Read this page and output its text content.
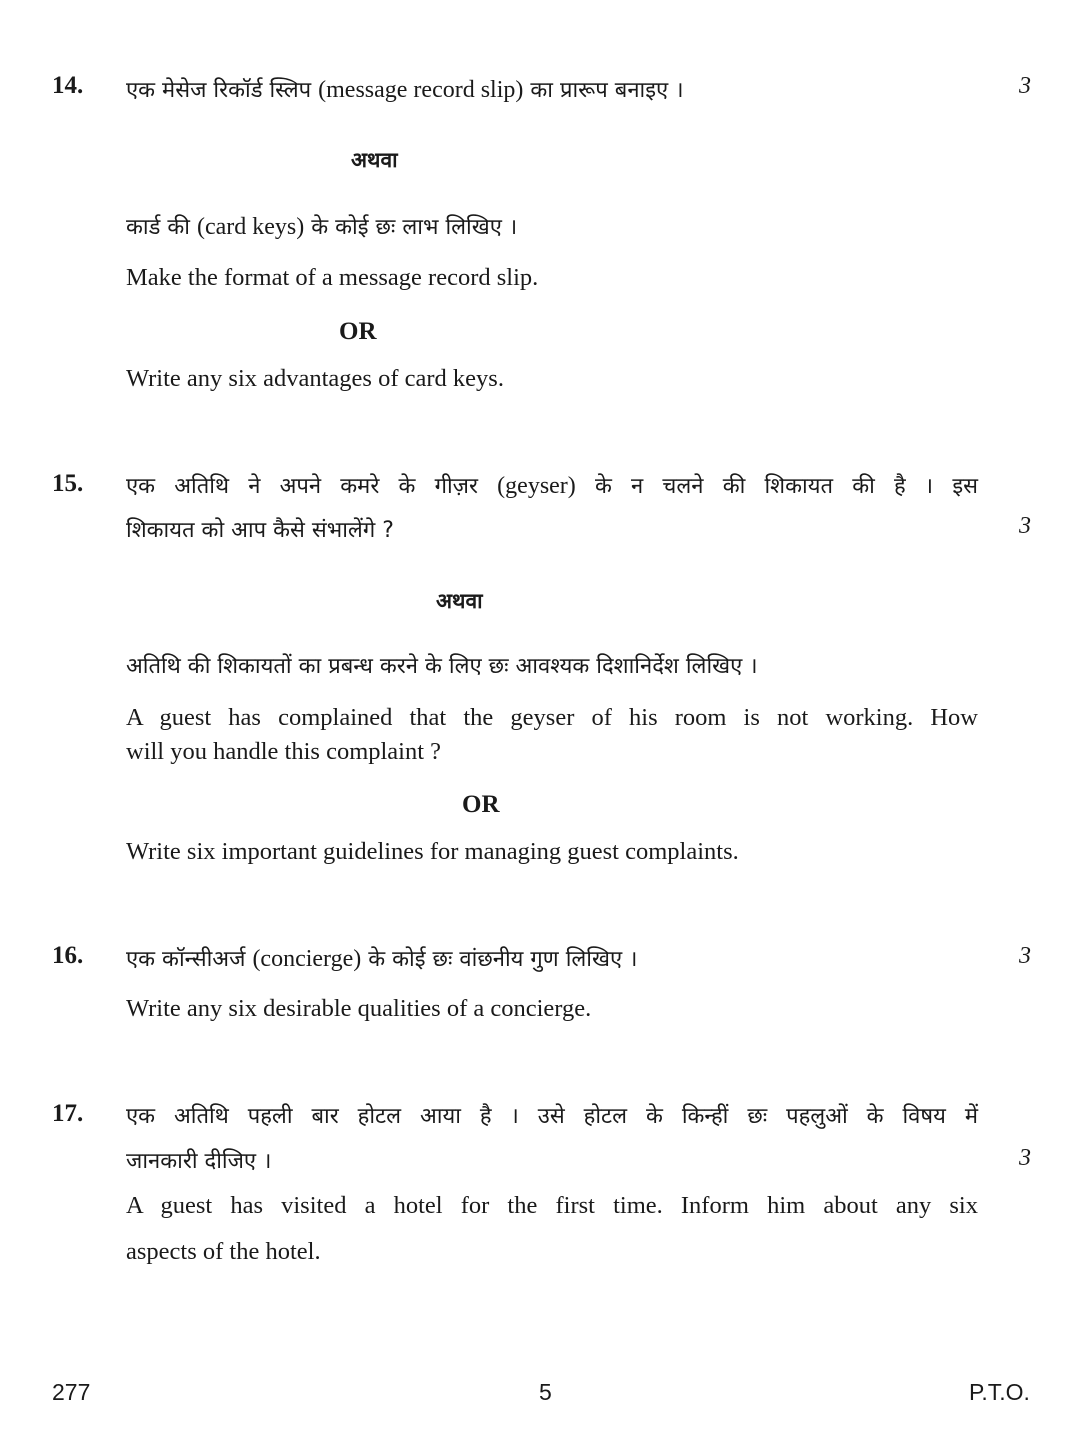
14. एक मेसेज रिकॉर्ड स्लिप (message record slip) का प्रारूप बनाइए ।	3
अथवा
कार्ड की (card keys) के कोई छः लाभ लिखिए ।
Make the format of a message record slip.
OR
Write any six advantages of card keys.
15. एक अतिथि ने अपने कमरे के गीज़र (geyser) के न चलने की शिकायत की है । इस
शिकायत को आप कैसे संभालेंगे ?	3
अथवा
अतिथि की शिकायतों का प्रबन्ध करने के लिए छः आवश्यक दिशानिर्देश लिखिए ।
A guest has complained that the geyser of his room is not working. How
will you handle this complaint ?
OR
Write six important guidelines for managing guest complaints.
16. एक कॉन्सीअर्ज (concierge) के कोई छः वांछनीय गुण लिखिए ।	3
Write any six desirable qualities of a concierge.
17. एक अतिथि पहली बार होटल आया है । उसे होटल के किन्हीं छः पहलुओं के विषय में
जानकारी दीजिए ।	3
A guest has visited a hotel for the first time. Inform him about any six
aspects of the hotel.
277	5	P.T.O.
